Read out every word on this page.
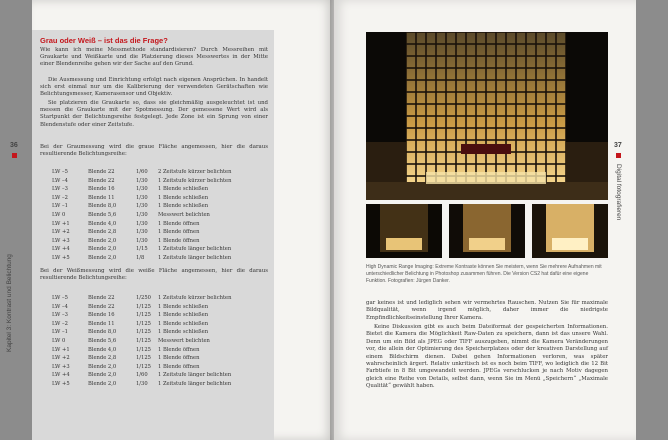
36
Kapitel 3: Kontrast und Belichtung
Grau oder Weiß – ist das die Frage?
Wie kann ich meine Messmethode standardisieren? Durch Messreihen mit Graukarte und Weißkarte und die Platzierung dieses Messwertes in der Mitte einer Blendenreihe gehen wir der Sache auf den Grund.
Die Ausmessung und Einrichtung erfolgt nach eigenen Ansprüchen. In handelt sich erst einmal nur um die Kalibrierung der verwendeten Gerätschaften wie Belichtungsmesser, Kamerasensor und Objektiv.
Sie platzieren die Graukarte so, dass sie gleichmäßig ausgeleuchtet ist und messen die Graukarte mit der Spotmessung. Der gemessene Wert wird als Startpunkt der Belichtungsreihe festgelegt. Jede Zone ist ein Sprung von einer Blendenstufe oder einer Zeitstufe.
Bei der Graumessung wird die graue Fläche angemessen, hier die daraus resultierende Belichtungsreihe:
LW –5	Blende 22	1/60	2 Zeitstufe kürzer belichten
LW –4	Blende 22	1/30	1 Zeitstufe kürzer belichten
LW –3	Blende 16	1/30	1 Blende schließen
LW –2	Blende 11	1/30	1 Blende schließen
LW –1	Blende 8,0	1/30	1 Blende schließen
LW 0	Blende 5,6	1/30	Messwert belichten
LW +1	Blende 4,0	1/30	1 Blende öffnen
LW +2	Blende 2,8	1/30	1 Blende öffnen
LW +3	Blende 2,0	1/30	1 Blende öffnen
LW +4	Blende 2,0	1/15	1 Zeitstufe länger belichten
LW +5	Blende 2,0	1/8	1 Zeitstufe länger belichten
Bei der Weißmessung wird die weiße Fläche angemessen, hier die daraus resultierende Belichtungsreihe:
LW –5	Blende 22	1/250	1 Zeitstufe kürzer belichten
LW –4	Blende 22	1/125	1 Blende schließen
LW –3	Blende 16	1/125	1 Blende schließen
LW –2	Blende 11	1/125	1 Blende schließen
LW –1	Blende 8,0	1/125	1 Blende schließen
LW 0	Blende 5,6	1/125	Messwert belichten
LW +1	Blende 4,0	1/125	1 Blende öffnen
LW +2	Blende 2,8	1/125	1 Blende öffnen
LW +3	Blende 2,0	1/125	1 Blende öffnen
LW +4	Blende 2,0	1/60	1 Zeitstufe länger belichten
LW +5	Blende 2,0	1/30	1 Zeitstufe länger belichten
37
Digital fotografieren
High Dynamic Range Imaging: Extreme Kontraste können Sie meistern, wenn Sie mehrere Aufnahmen mit unterschiedlicher Belichtung in Photoshop zusammen führen. Die Version CS2 hat dafür eine eigene Funktion. Fotografien: Jürgen Danker.
gar keines ist und lediglich sehen wir vermehrtes Rauschen. Nutzen Sie für maximale Bildqualität, wenn irgend möglich, daher immer die niedrigste Empfindlichkeitseinstellung Ihrer Kamera.
Keine Diskussion gibt es auch beim Dateiformat der gespeicherten Informationen. Bietet die Kamera die Möglichkeit Raw-Daten zu speichern, dann ist das unsere Wahl. Denn um ein Bild als JPEG oder TIFF auszugeben, nimmt die Kamera Veränderungen vor, die allein der Optimierung des Speicherplatzes oder der kreativen Darstellung auf einem Bildschirm dienen. Dabei gehen Informationen verloren, was später wahrscheinlich ärgert. Relativ unkritisch ist es noch beim TIFF, wo lediglich die 12 Bit Farbtiefe in 8 Bit umgewandelt werden. JPEGs verschlucken je nach Motiv dagegen gleich eine Reihe von Details, selbst dann, wenn Sie im Menü „Speichern“ „Maximale Qualität“ gewählt haben.
